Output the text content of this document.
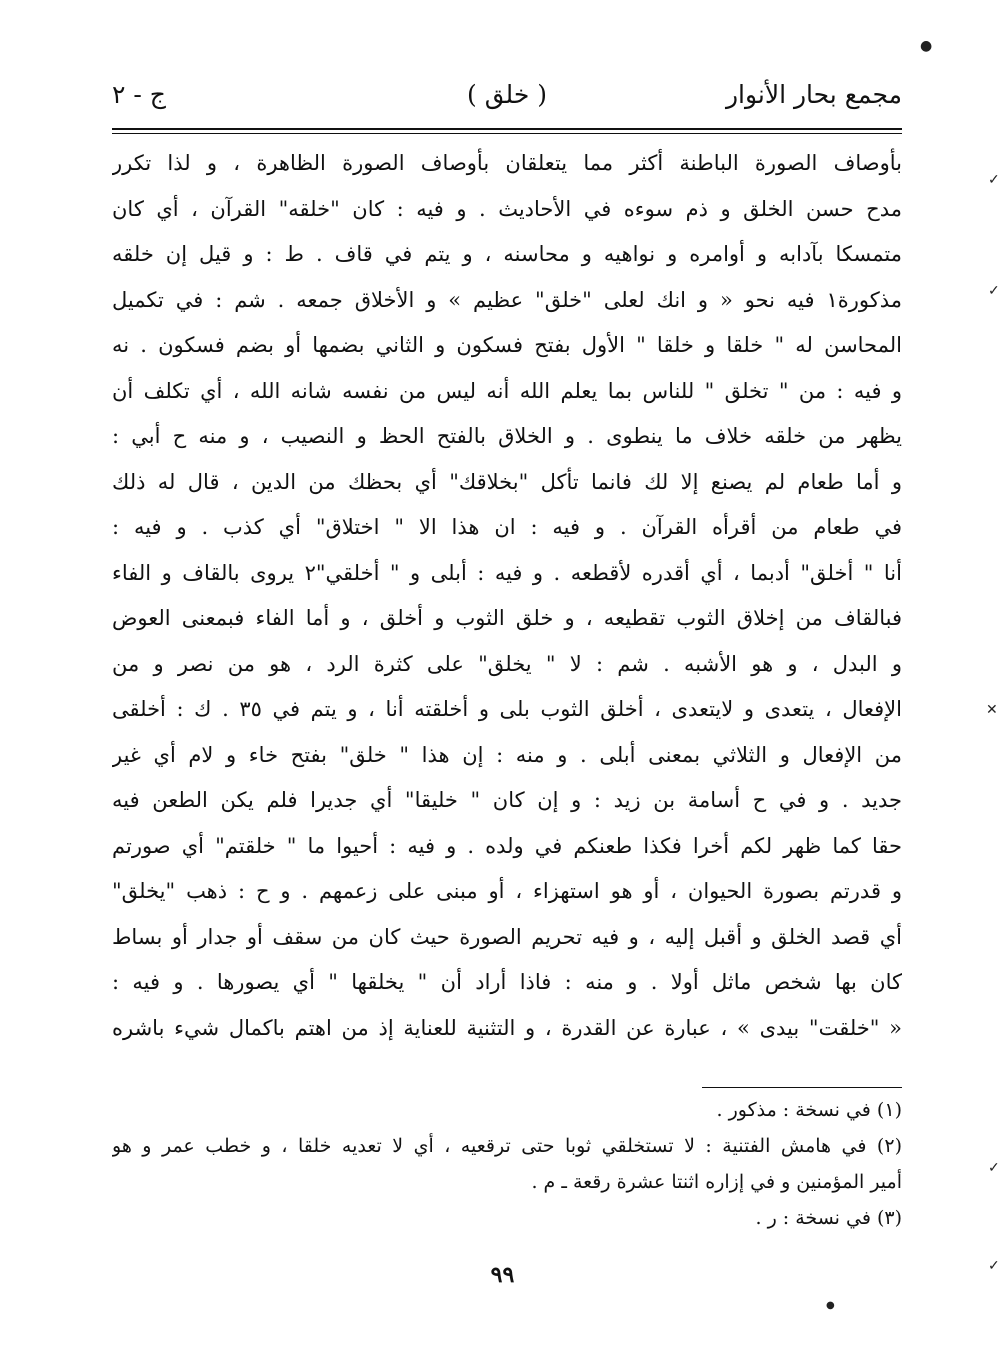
مجمع بحار الأنوار
( خلق )
ج - ٢
بأوصاف الصورة الباطنة أكثر مما يتعلقان بأوصاف الصورة الظاهرة ، و لذا تكرر
مدح حسن الخلق و ذم سوءه في الأحاديث . و فيه : كان "خلقه" القرآن ، أي كان
متمسكا بآدابه و أوامره و نواهيه و محاسنه ، و يتم في قاف . ط : و قيل إن خلقه
مذكورة١ فيه نحو « و انك لعلى "خلق" عظيم » و الأخلاق جمعه . شم : في تكميل
المحاسن له " خلقا و خلقا " الأول بفتح فسكون و الثاني بضمها أو بضم فسكون . نه
و فيه : من " تخلق " للناس بما يعلم الله أنه ليس من نفسه شانه الله ، أي تكلف أن
يظهر من خلقه خلاف ما ينطوى . و الخلاق بالفتح الحظ و النصيب ، و منه ح أبي :
و أما طعام لم يصنع إلا لك فانما تأكل "بخلاقك" أي بحظك من الدين ، قال له ذلك
في طعام من أقرأه القرآن . و فيه : ان هذا الا " اختلاق" أي كذب . و فيه :
أنا " أخلق" أدبما ، أي أقدره لأقطعه . و فيه : أبلى و " أخلقي"٢ يروى بالقاف و الفاء
فبالقاف من إخلاق الثوب تقطيعه ، و خلق الثوب و أخلق ، و أما الفاء فبمعنى العوض
و البدل ، و هو الأشبه . شم : لا " يخلق" على كثرة الرد ، هو من نصر و من
الإفعال ، يتعدى و لايتعدى ، أخلق الثوب بلى و أخلقته أنا ، و يتم في ٣٥ . ك : أخلقى
من الإفعال و الثلاثي بمعنى أبلى . و منه : إن هذا " خلق" بفتح خاء و لام أي غير
جديد . و في ح أسامة بن زيد : و إن كان " خليقا" أي جديرا فلم يكن الطعن فيه
حقا كما ظهر لكم أخرا فكذا طعنكم في ولده . و فيه : أحيوا ما " خلقتم" أي صورتم
و قدرتم بصورة الحيوان ، أو هو استهزاء ، أو مبنى على زعمهم . و ح : ذهب "يخلق"
أي قصد الخلق و أقبل إليه ، و فيه تحريم الصورة حيث كان من سقف أو جدار أو بساط
كان بها شخص ماثل أولا . و منه : فاذا أراد أن " يخلقها " أي يصورها . و فيه :
« "خلقت" بيدى » ، عبارة عن القدرة ، و التثنية للعناية إذ من اهتم باكمال شيء باشره
(١) في نسخة : مذكور .
(٢) في هامش الفتنية : لا تستخلقي ثوبا حتى ترقعيه ، أي لا تعديه خلقا ، و خطب عمر و هو
أمير المؤمنين و في إزاره اثنتا عشرة رقعة ـ م .
(٣) في نسخة : ر .
٩٩
●
●
✓
✓
✕
✓
✓
